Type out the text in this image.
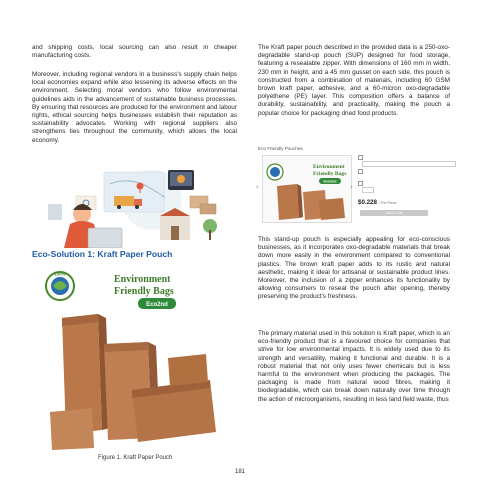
and shipping costs, local sourcing can also result in cheaper manufacturing costs.

Moreover, including regional vendors in a business's supply chain helps local economies expand while also lessening its adverse effects on the environment. Selecting moral vendors who follow environmental guidelines aids in the advancement of sustainable business processes. By ensuring that resources are produced for the environment and labour rights, ethical sourcing helps businesses establish their reputation as sustainability advocates. Working with regional suppliers also strengthens ties throughout the community, which allows the local economy.

Eco-Solution 1: Kraft Paper Pouch

100%	Environment
Friendly Bags
Eco2nd

Figure 1. Kraft Paper Pouch

The Kraft paper pouch described in the provided data is a 250-oxo-degradable stand-up pouch (SUP) designed for food storage, featuring a resealable zipper. With dimensions of 160 mm in width, 230 mm in height, and a 45 mm gusset on each side, this pouch is constructed from a combination of materials, including 60 GSM brown kraft paper, adhesive, and a 60-micron oxo-degradable polyethene (PE) layer. This composition offers a balance of durability, sustainability, and practicality, making the pouch a popular choice for packaging dried food products.

Eco Friendly Pouches
Environment
Friendly Bags
Eco2nd
‹	›
$0.228 / Per Piece
Add to Cart

This stand-up pouch is especially appealing for eco-conscious businesses, as it incorporates oxo-degradable materials that break down more easily in the environment compared to conventional plastics. The brown kraft paper adds to its rustic and natural aesthetic, making it ideal for artisanal or sustainable product lines. Moreover, the inclusion of a zipper enhances its functionality by allowing consumers to reseal the pouch after opening, thereby preserving the product's freshness.

The primary material used in this solution is Kraft paper, which is an eco-friendly product that is a favoured choice for companies that strive for low environmental impacts. It is widely used due to its strength and versatility, making it functional and durable. It is a robust material that not only uses fewer chemicals but is less harmful to the environment when producing the packages. The packaging is made from natural wood fibres, making it biodegradable, which can break down naturally over time through the action of microorganisms, resulting in less land field waste, thus

181
